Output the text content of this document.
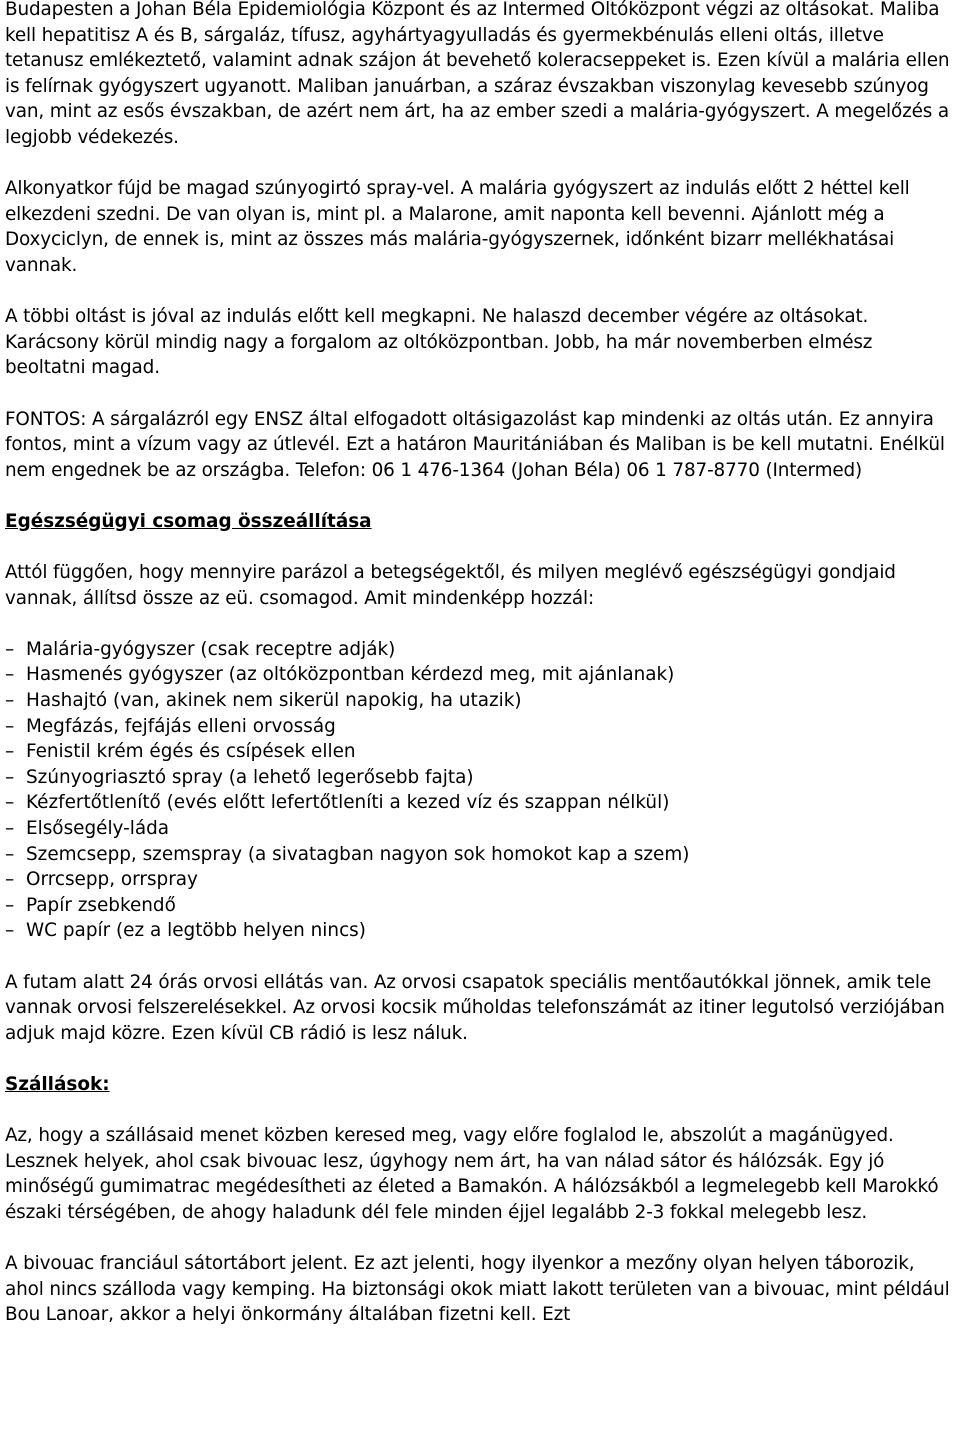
Budapesten a Johan Béla Epidemiológia Központ és az Intermed Oltóközpont végzi az oltásokat. Maliba kell hepatitisz A és B, sárgaláz, tífusz, agyhártyagyulladás és gyermekbénulás elleni oltás, illetve tetanusz emlékeztető, valamint adnak szájon át bevehető koleracseppeket is. Ezen kívül a malária ellen is felírnak gyógyszert ugyanott. Maliban januárban, a száraz évszakban viszonylag kevesebb szúnyog van, mint az esős évszakban, de azért nem árt, ha az ember szedi a malária-gyógyszert. A megelőzés a legjobb védekezés.

Alkonyatkor fújd be magad szúnyogirtó spray-vel. A malária gyógyszert az indulás előtt 2 héttel kell elkezdeni szedni. De van olyan is, mint pl. a Malarone, amit naponta kell bevenni. Ajánlott még a Doxyciclyn, de ennek is, mint az összes más malária-gyógyszernek, időnként bizarr mellékhatásai vannak.

A többi oltást is jóval az indulás előtt kell megkapni. Ne halaszd december végére az oltásokat. Karácsony körül mindig nagy a forgalom az oltóközpontban. Jobb, ha már novemberben elmész beoltatni magad.

FONTOS: A sárgalázról egy ENSZ által elfogadott oltásigazolást kap mindenki az oltás után. Ez annyira fontos, mint a vízum vagy az útlevél. Ezt a határon Mauritániában és Maliban is be kell mutatni. Enélkül nem engednek be az országba. Telefon: 06 1 476-1364 (Johan Béla) 06 1 787-8770 (Intermed)

Egészségügyi csomag összeállítása

Attól függően, hogy mennyire parázol a betegségektől, és milyen meglévő egészségügyi gondjaid vannak, állítsd össze az eü. csomagod. Amit mindenképp hozzál:

– Malária-gyógyszer (csak receptre adják)
– Hasmenés gyógyszer (az oltóközpontban kérdezd meg, mit ajánlanak)
– Hashajtó (van, akinek nem sikerül napokig, ha utazik)
– Megfázás, fejfájás elleni orvosság
– Fenistil krém égés és csípések ellen
– Szúnyogriasztó spray (a lehető legerősebb fajta)
– Kézfertőtlenítő (evés előtt lefertőtleníti a kezed víz és szappan nélkül)
– Elsősegély-láda
– Szemcsepp, szemspray (a sivatagban nagyon sok homokot kap a szem)
– Orrcsepp, orrspray
– Papír zsebkendő
– WC papír (ez a legtöbb helyen nincs)

A futam alatt 24 órás orvosi ellátás van. Az orvosi csapatok speciális mentőautókkal jönnek, amik tele vannak orvosi felszerelésekkel. Az orvosi kocsik műholdas telefonszámát az itiner legutolsó verziójában adjuk majd közre. Ezen kívül CB rádió is lesz náluk.

Szállások:

Az, hogy a szállásaid menet közben keresed meg, vagy előre foglalod le, abszolút a magánügyed. Lesznek helyek, ahol csak bivouac lesz, úgyhogy nem árt, ha van nálad sátor és hálózsák. Egy jó minőségű gumimatrac megédesítheti az életed a Bamakón. A hálózsákból a legmelegebb kell Marokkó északi térségében, de ahogy haladunk dél fele minden éjjel legalább 2-3 fokkal melegebb lesz.

A bivouac franciául sátortábort jelent. Ez azt jelenti, hogy ilyenkor a mezőny olyan helyen táborozik, ahol nincs szálloda vagy kemping. Ha biztonsági okok miatt lakott területen van a bivouac, mint például Bou Lanoar, akkor a helyi önkormány általában fizetni kell. Ezt
